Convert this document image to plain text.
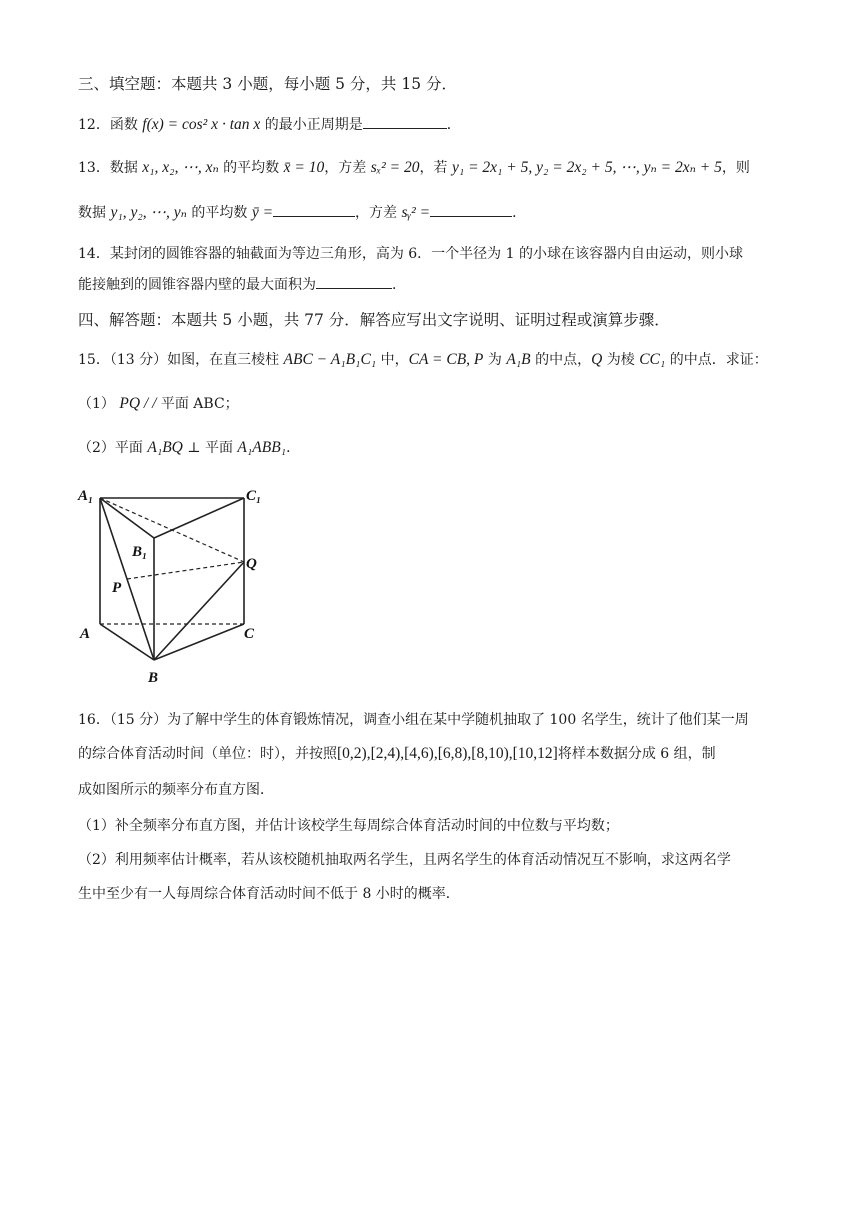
三、填空题：本题共 3 小题，每小题 5 分，共 15 分．
12．函数 f(x) = cos² x · tan x 的最小正周期是	．
13．数据 x₁, x₂, ⋯, xₙ 的平均数 x̄ = 10，方差 sₓ² = 20，若 y₁ = 2x₁ + 5, y₂ = 2x₂ + 5, ⋯, yₙ = 2xₙ + 5，则
数据 y₁, y₂, ⋯, yₙ 的平均数 ȳ =	，方差 sᵧ² =	．
14．某封闭的圆锥容器的轴截面为等边三角形，高为 6．一个半径为 1 的小球在该容器内自由运动，则小球
能接触到的圆锥容器内壁的最大面积为	．
四、解答题：本题共 5 小题，共 77 分．解答应写出文字说明、证明过程或演算步骤．
15．（13 分）如图，在直三棱柱 ABC − A₁B₁C₁ 中，CA = CB, P 为 A₁B 的中点，Q 为棱 CC₁ 的中点．求证：
（1） PQ / / 平面 ABC；
（2）平面 A₁BQ ⊥ 平面 A₁ABB₁．
A₁	C₁
B₁
Q
P
A	C
B
16．（15 分）为了解中学生的体育锻炼情况，调查小组在某中学随机抽取了 100 名学生，统计了他们某一周
的综合体育活动时间（单位：时），并按照[0,2),[2,4),[4,6),[6,8),[8,10),[10,12]将样本数据分成 6 组，制
成如图所示的频率分布直方图．
（1）补全频率分布直方图，并估计该校学生每周综合体育活动时间的中位数与平均数；
（2）利用频率估计概率，若从该校随机抽取两名学生，且两名学生的体育活动情况互不影响，求这两名学
生中至少有一人每周综合体育活动时间不低于 8 小时的概率．
